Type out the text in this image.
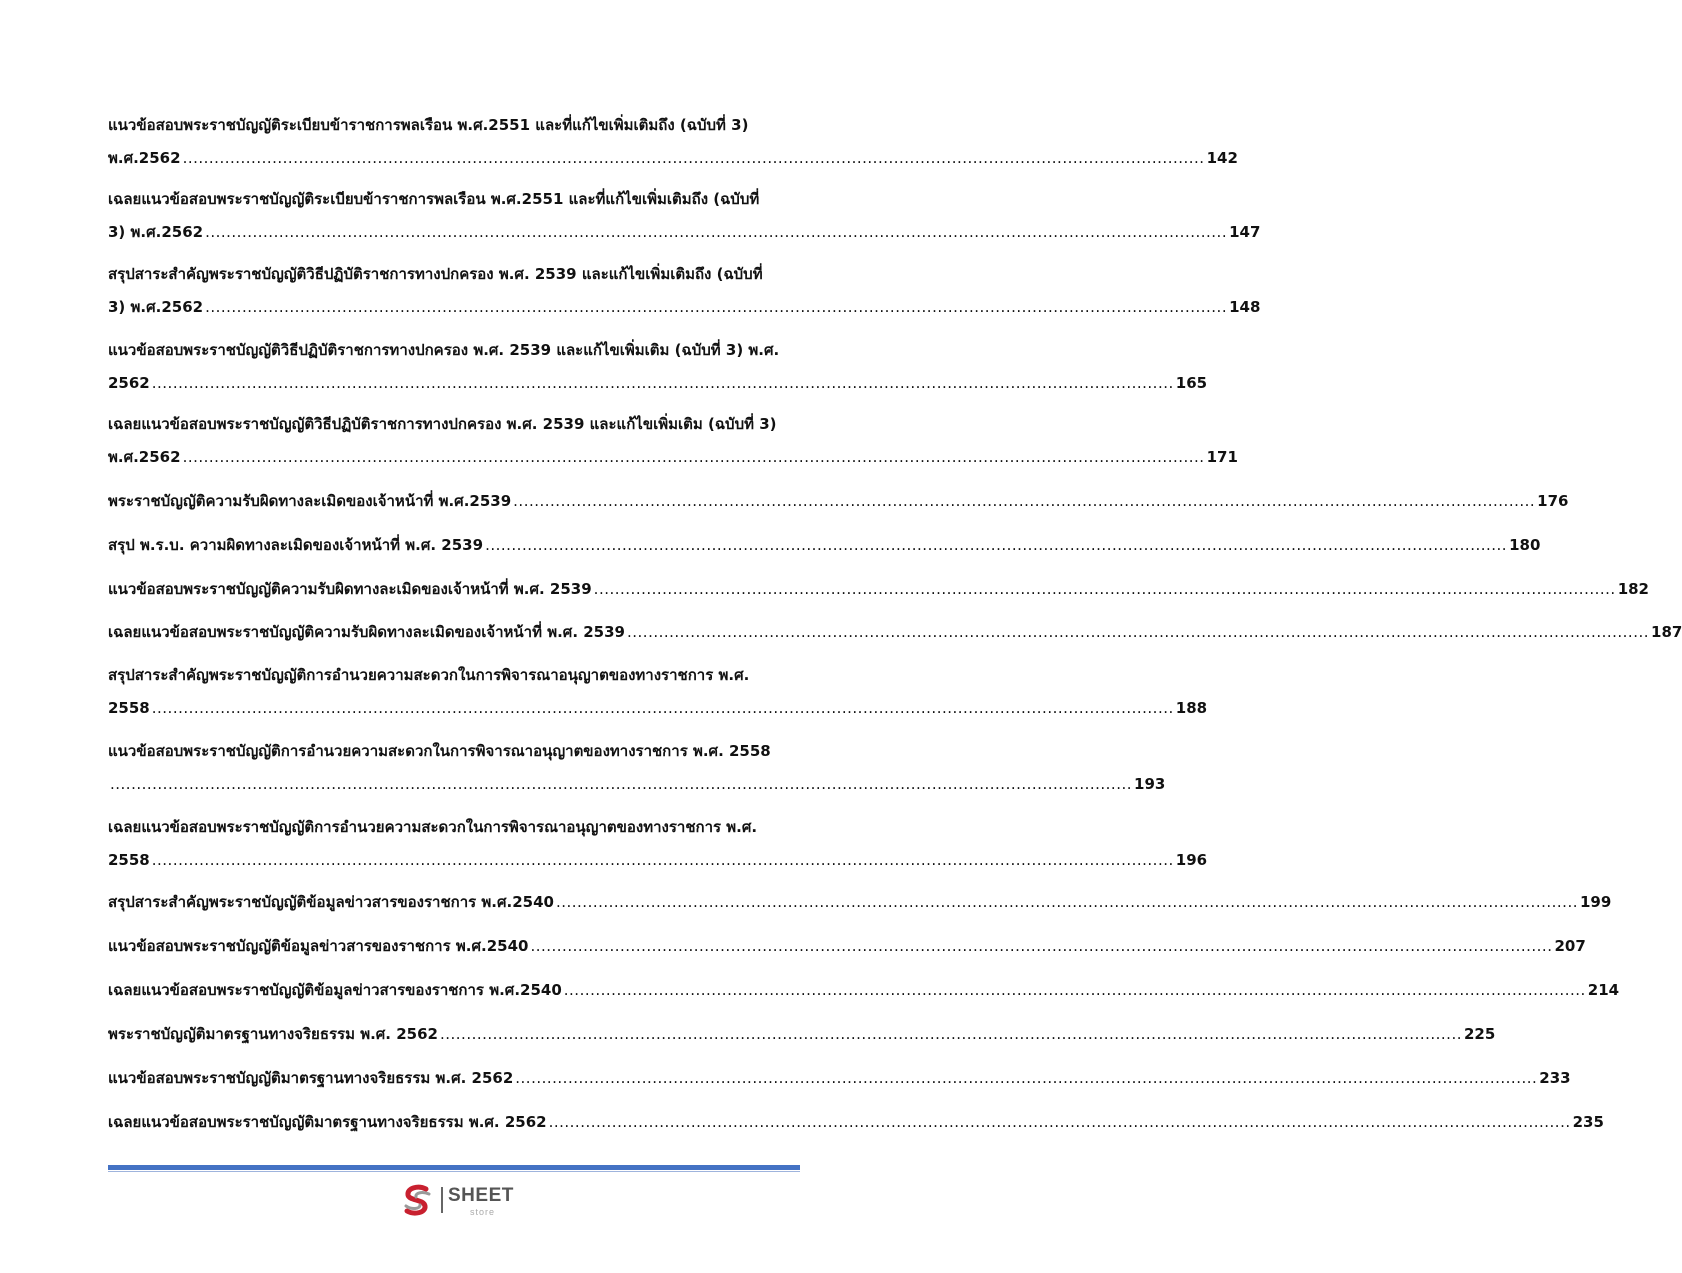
แนวข้อสอบพระราชบัญญัติระเบียบข้าราชการพลเรือน พ.ศ.2551 และที่แก้ไขเพิ่มเติมถึง (ฉบับที่ 3)
พ.ศ.2562 .................................................................................................................................................................................................. 142
เฉลยแนวข้อสอบพระราชบัญญัติระเบียบข้าราชการพลเรือน พ.ศ.2551 และที่แก้ไขเพิ่มเติมถึง (ฉบับที่
3) พ.ศ.2562 .................................................................................................................................................................................................. 147
สรุปสาระสำคัญพระราชบัญญัติวิธีปฏิบัติราชการทางปกครอง พ.ศ. 2539 และแก้ไขเพิ่มเติมถึง (ฉบับที่
3) พ.ศ.2562 .................................................................................................................................................................................................. 148
แนวข้อสอบพระราชบัญญัติวิธีปฏิบัติราชการทางปกครอง พ.ศ. 2539 และแก้ไขเพิ่มเติม (ฉบับที่ 3) พ.ศ.
2562 .................................................................................................................................................................................................. 165
เฉลยแนวข้อสอบพระราชบัญญัติวิธีปฏิบัติราชการทางปกครอง พ.ศ. 2539 และแก้ไขเพิ่มเติม (ฉบับที่ 3)
พ.ศ.2562 .................................................................................................................................................................................................. 171
พระราชบัญญัติความรับผิดทางละเมิดของเจ้าหน้าที่ พ.ศ.2539 .................................................................................................................................................................................................. 176
สรุป พ.ร.บ. ความผิดทางละเมิดของเจ้าหน้าที่ พ.ศ. 2539 .................................................................................................................................................................................................. 180
แนวข้อสอบพระราชบัญญัติความรับผิดทางละเมิดของเจ้าหน้าที่ พ.ศ. 2539 .................................................................................................................................................................................................. 182
เฉลยแนวข้อสอบพระราชบัญญัติความรับผิดทางละเมิดของเจ้าหน้าที่ พ.ศ. 2539 .................................................................................................................................................................................................. 187
สรุปสาระสำคัญพระราชบัญญัติการอำนวยความสะดวกในการพิจารณาอนุญาตของทางราชการ พ.ศ.
2558 .................................................................................................................................................................................................. 188
แนวข้อสอบพระราชบัญญัติการอำนวยความสะดวกในการพิจารณาอนุญาตของทางราชการ พ.ศ. 2558
.................................................................................................................................................................................................. 193
เฉลยแนวข้อสอบพระราชบัญญัติการอำนวยความสะดวกในการพิจารณาอนุญาตของทางราชการ พ.ศ.
2558 .................................................................................................................................................................................................. 196
สรุปสาระสำคัญพระราชบัญญัติข้อมูลข่าวสารของราชการ พ.ศ.2540 .................................................................................................................................................................................................. 199
แนวข้อสอบพระราชบัญญัติข้อมูลข่าวสารของราชการ พ.ศ.2540 .................................................................................................................................................................................................. 207
เฉลยแนวข้อสอบพระราชบัญญัติข้อมูลข่าวสารของราชการ พ.ศ.2540 .................................................................................................................................................................................................. 214
พระราชบัญญัติมาตรฐานทางจริยธรรม พ.ศ. 2562 .................................................................................................................................................................................................. 225
แนวข้อสอบพระราชบัญญัติมาตรฐานทางจริยธรรม พ.ศ. 2562 .................................................................................................................................................................................................. 233
เฉลยแนวข้อสอบพระราชบัญญัติมาตรฐานทางจริยธรรม พ.ศ. 2562 .................................................................................................................................................................................................. 235
SHEET
store
